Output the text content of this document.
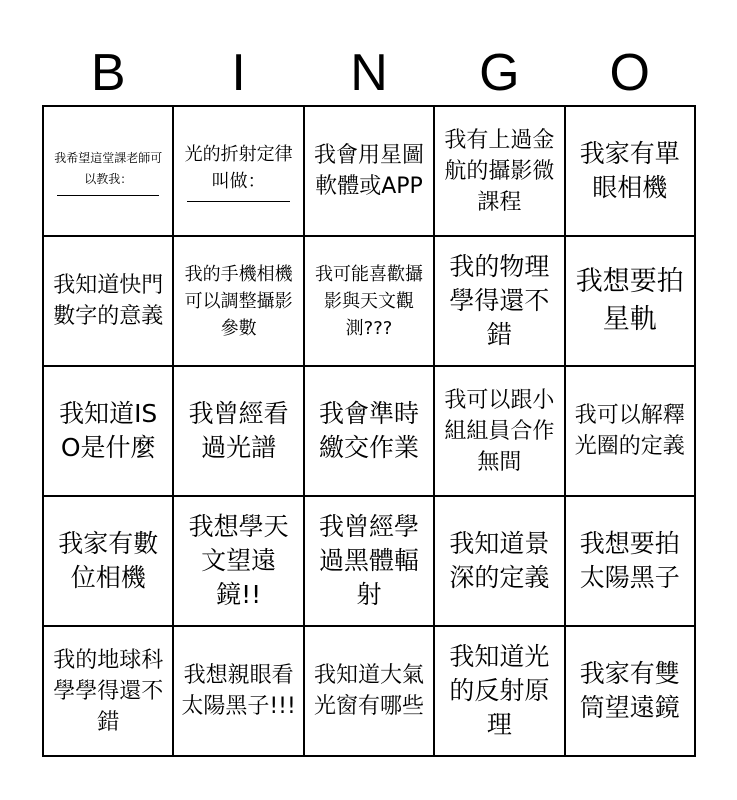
B	I	N	G	O
我希望這堂課老師可以教我：
光的折射定律叫做：
我會用星圖軟體或APP
我有上過金航的攝影微課程
我家有單眼相機
我知道快門數字的意義
我的手機相機可以調整攝影參數
我可能喜歡攝影與天文觀測???
我的物理學得還不錯
我想要拍星軌
我知道ISO是什麼
我曾經看過光譜
我會準時繳交作業
我可以跟小組組員合作無間
我可以解釋光圈的定義
我家有數位相機
我想學天文望遠鏡!!
我曾經學過黑體輻射
我知道景深的定義
我想要拍太陽黑子
我的地球科學學得還不錯
我想親眼看太陽黑子!!!
我知道大氣光窗有哪些
我知道光的反射原理
我家有雙筒望遠鏡
